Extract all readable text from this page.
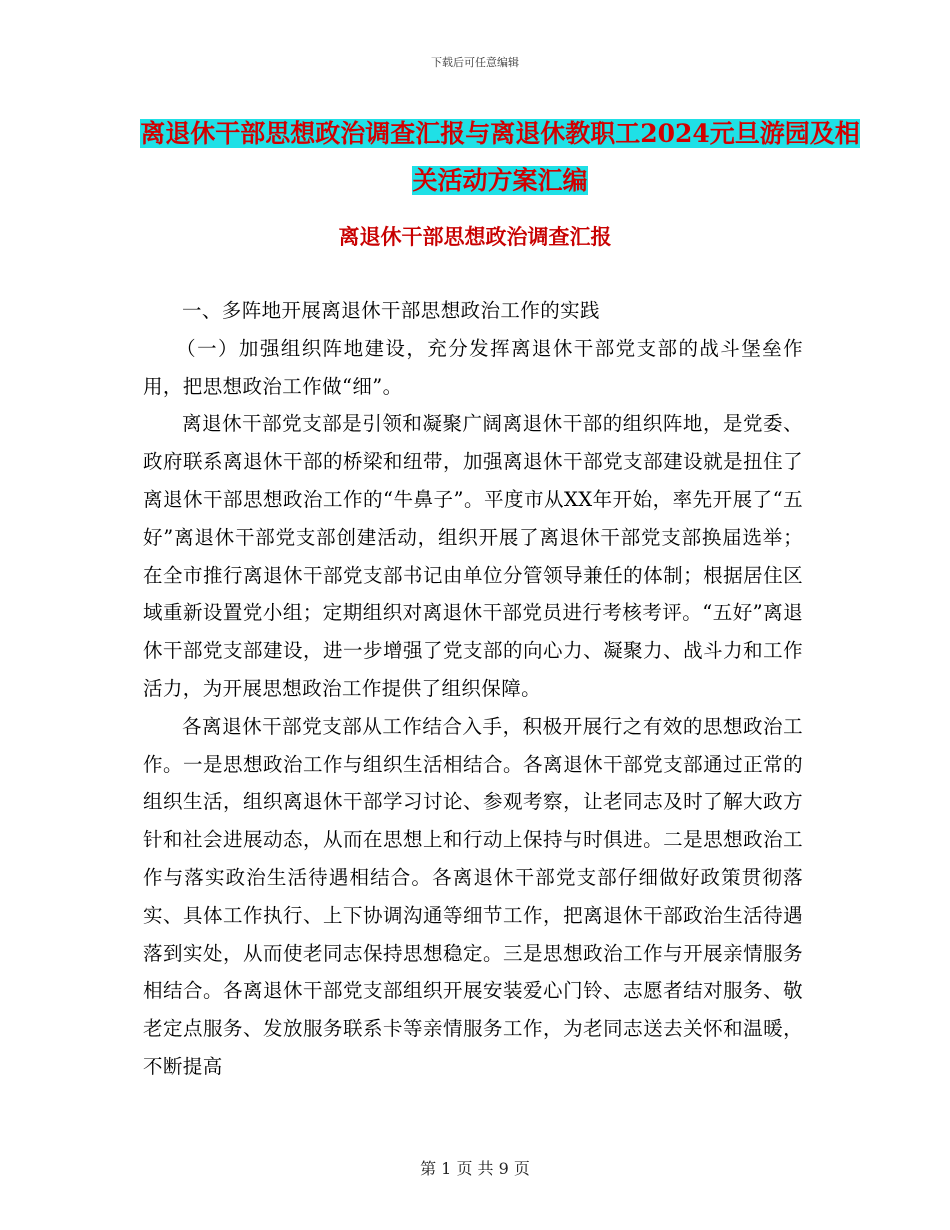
下载后可任意编辑
离退休干部思想政治调查汇报与离退休教职工2024元旦游园及相关活动方案汇编
离退休干部思想政治调查汇报

一、多阵地开展离退休干部思想政治工作的实践

（一）加强组织阵地建设，充分发挥离退休干部党支部的战斗堡垒作用，把思想政治工作做“细”。

离退休干部党支部是引领和凝聚广阔离退休干部的组织阵地，是党委、政府联系离退休干部的桥梁和纽带，加强离退休干部党支部建设就是扭住了离退休干部思想政治工作的“牛鼻子”。平度市从XX年开始，率先开展了“五好”离退休干部党支部创建活动，组织开展了离退休干部党支部换届选举；在全市推行离退休干部党支部书记由单位分管领导兼任的体制；根据居住区域重新设置党小组；定期组织对离退休干部党员进行考核考评。“五好”离退休干部党支部建设，进一步增强了党支部的向心力、凝聚力、战斗力和工作活力，为开展思想政治工作提供了组织保障。

各离退休干部党支部从工作结合入手，积极开展行之有效的思想政治工作。一是思想政治工作与组织生活相结合。各离退休干部党支部通过正常的组织生活，组织离退休干部学习讨论、参观考察，让老同志及时了解大政方针和社会进展动态，从而在思想上和行动上保持与时俱进。二是思想政治工作与落实政治生活待遇相结合。各离退休干部党支部仔细做好政策贯彻落实、具体工作执行、上下协调沟通等细节工作，把离退休干部政治生活待遇落到实处，从而使老同志保持思想稳定。三是思想政治工作与开展亲情服务相结合。各离退休干部党支部组织开展安装爱心门铃、志愿者结对服务、敬老定点服务、发放服务联系卡等亲情服务工作，为老同志送去关怀和温暖，不断提高

第 1 页 共 9 页
